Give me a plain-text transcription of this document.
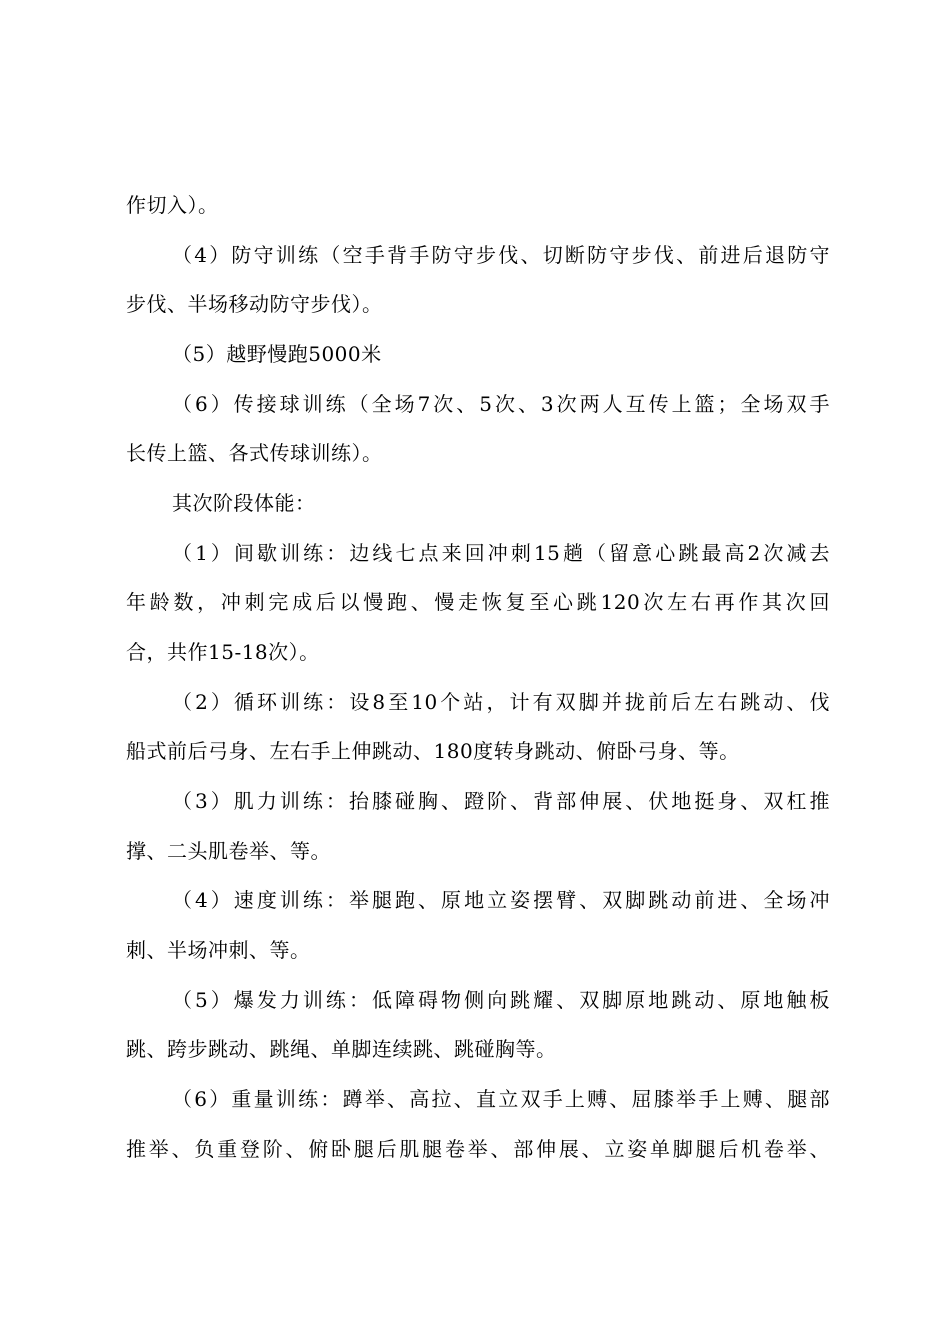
作切入）。
（4）防守训练（空手背手防守步伐、切断防守步伐、前进后退防守
步伐、半场移动防守步伐）。
（5）越野慢跑5000米
（6）传接球训练（全场7次、5次、3次两人互传上篮；全场双手
长传上篮、各式传球训练）。
其次阶段体能：
（1）间歇训练：边线七点来回冲刺15趟（留意心跳最高2次减去
年龄数，冲刺完成后以慢跑、慢走恢复至心跳120次左右再作其次回
合，共作15-18次）。
（2）循环训练：设8至10个站，计有双脚并拢前后左右跳动、伐
船式前后弓身、左右手上伸跳动、180度转身跳动、俯卧弓身、等。
（3）肌力训练：抬膝碰胸、蹬阶、背部伸展、伏地挺身、双杠推
撑、二头肌卷举、等。
（4）速度训练：举腿跑、原地立姿摆臂、双脚跳动前进、全场冲
刺、半场冲刺、等。
（5）爆发力训练：低障碍物侧向跳耀、双脚原地跳动、原地触板
跳、跨步跳动、跳绳、单脚连续跳、跳碰胸等。
（6）重量训练：蹲举、高拉、直立双手上赙、屈膝举手上赙、腿部
推举、负重登阶、俯卧腿后肌腿卷举、部伸展、立姿单脚腿后机卷举、
